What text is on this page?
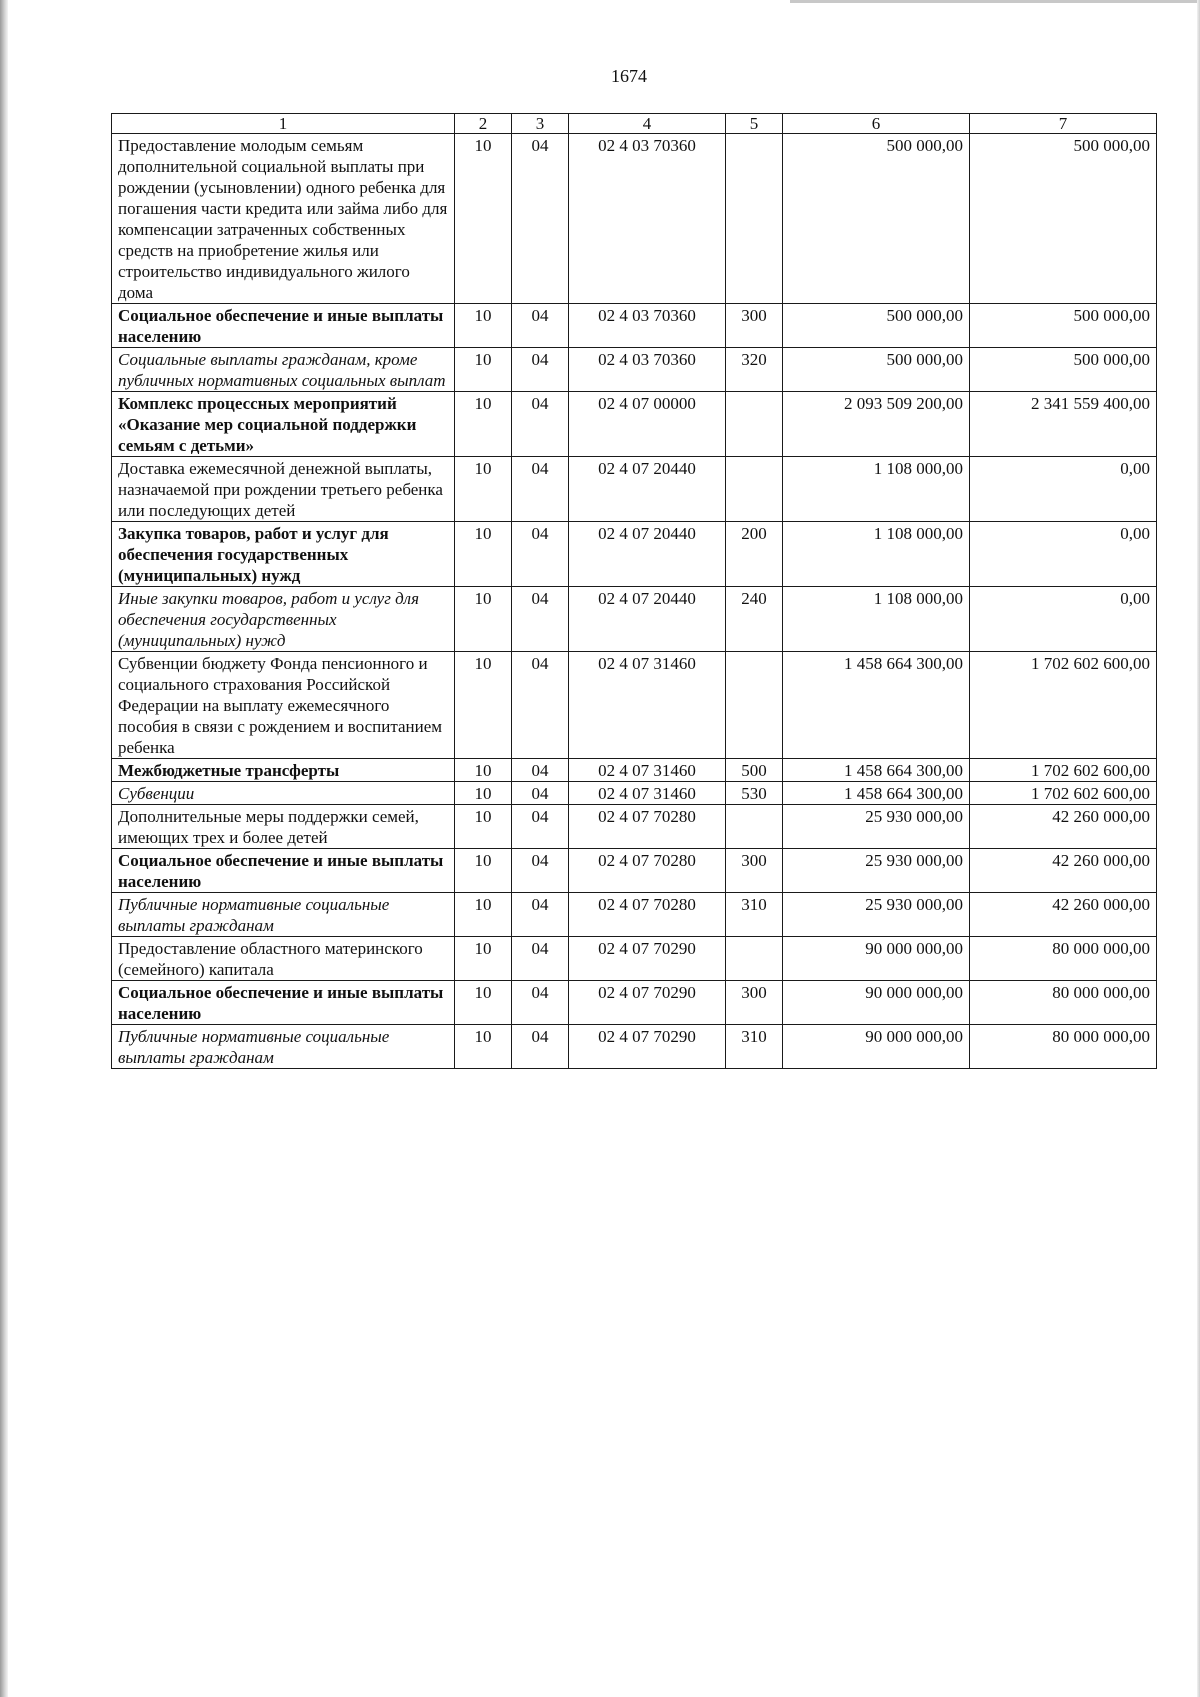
1674
1	2	3	4	5	6	7
Предоставление молодым семьям дополнительной социальной выплаты при рождении (усыновлении) одного ребенка для погашения части кредита или займа либо для компенсации затраченных собственных средств на приобретение жилья или строительство индивидуального жилого дома	10	04	02 4 03 70360		500 000,00	500 000,00
Социальное обеспечение и иные выплаты населению	10	04	02 4 03 70360	300	500 000,00	500 000,00
Социальные выплаты гражданам, кроме публичных нормативных социальных выплат	10	04	02 4 03 70360	320	500 000,00	500 000,00
Комплекс процессных мероприятий «Оказание мер социальной поддержки семьям с детьми»	10	04	02 4 07 00000		2 093 509 200,00	2 341 559 400,00
Доставка ежемесячной денежной выплаты, назначаемой при рождении третьего ребенка или последующих детей	10	04	02 4 07 20440		1 108 000,00	0,00
Закупка товаров, работ и услуг для обеспечения государственных (муниципальных) нужд	10	04	02 4 07 20440	200	1 108 000,00	0,00
Иные закупки товаров, работ и услуг для обеспечения государственных (муниципальных) нужд	10	04	02 4 07 20440	240	1 108 000,00	0,00
Субвенции бюджету Фонда пенсионного и социального страхования Российской Федерации на выплату ежемесячного пособия в связи с рождением и воспитанием ребенка	10	04	02 4 07 31460		1 458 664 300,00	1 702 602 600,00
Межбюджетные трансферты	10	04	02 4 07 31460	500	1 458 664 300,00	1 702 602 600,00
Субвенции	10	04	02 4 07 31460	530	1 458 664 300,00	1 702 602 600,00
Дополнительные меры поддержки семей, имеющих трех и более детей	10	04	02 4 07 70280		25 930 000,00	42 260 000,00
Социальное обеспечение и иные выплаты населению	10	04	02 4 07 70280	300	25 930 000,00	42 260 000,00
Публичные нормативные социальные выплаты гражданам	10	04	02 4 07 70280	310	25 930 000,00	42 260 000,00
Предоставление областного материнского (семейного) капитала	10	04	02 4 07 70290		90 000 000,00	80 000 000,00
Социальное обеспечение и иные выплаты населению	10	04	02 4 07 70290	300	90 000 000,00	80 000 000,00
Публичные нормативные социальные выплаты гражданам	10	04	02 4 07 70290	310	90 000 000,00	80 000 000,00
